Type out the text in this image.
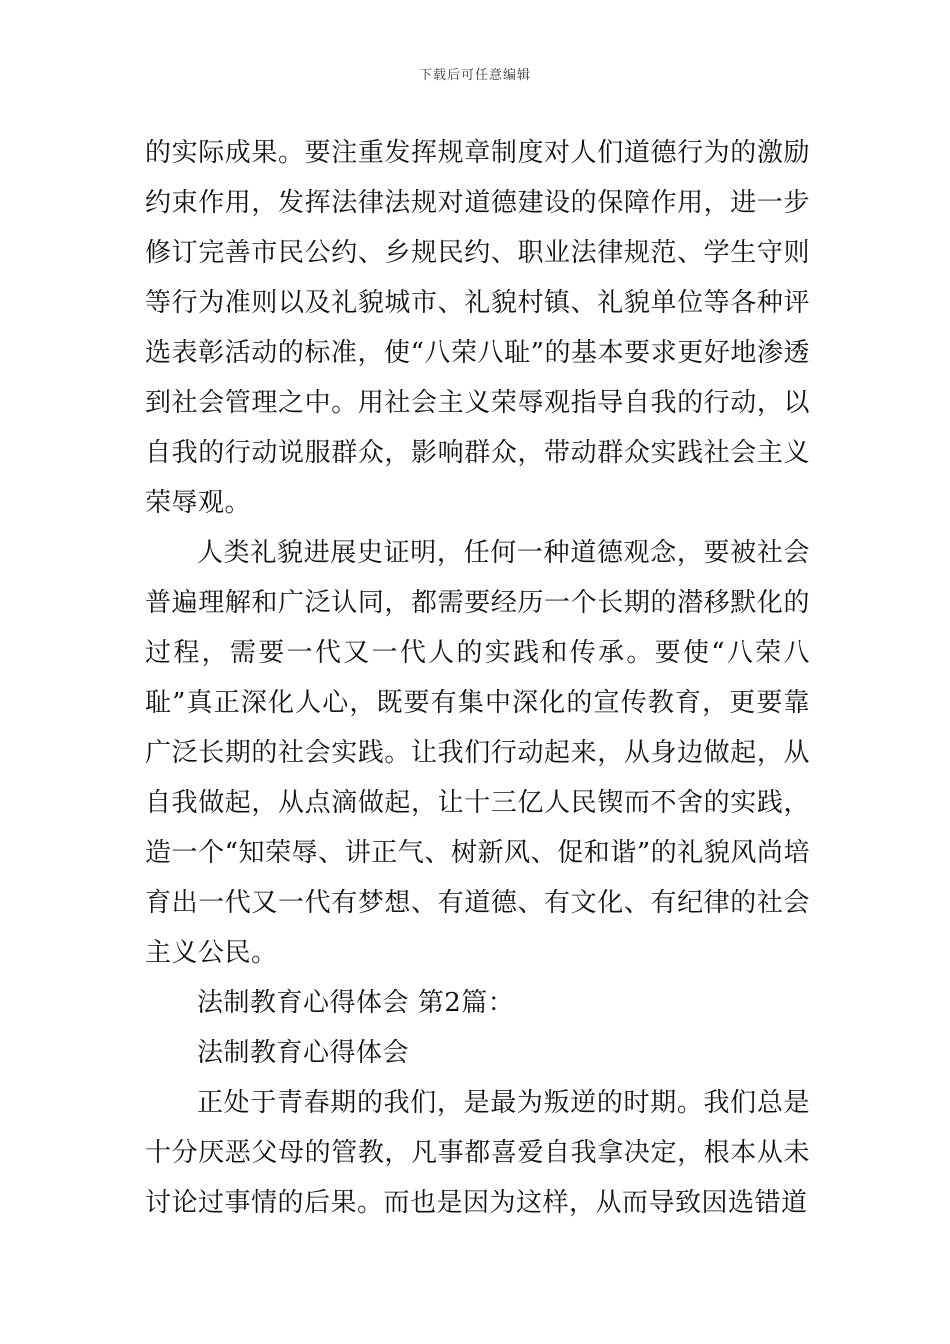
下载后可任意编辑

的实际成果。要注重发挥规章制度对人们道德行为的激励约束作用，发挥法律法规对道德建设的保障作用，进一步修订完善市民公约、乡规民约、职业法律规范、学生守则等行为准则以及礼貌城市、礼貌村镇、礼貌单位等各种评选表彰活动的标准，使“八荣八耻”的基本要求更好地渗透到社会管理之中。用社会主义荣辱观指导自我的行动，以自我的行动说服群众，影响群众，带动群众实践社会主义荣辱观。

人类礼貌进展史证明，任何一种道德观念，要被社会普遍理解和广泛认同，都需要经历一个长期的潜移默化的过程，需要一代又一代人的实践和传承。要使“八荣八耻”真正深化人心，既要有集中深化的宣传教育，更要靠广泛长期的社会实践。让我们行动起来，从身边做起，从自我做起，从点滴做起，让十三亿人民锲而不舍的实践，造一个“知荣辱、讲正气、树新风、促和谐”的礼貌风尚培育出一代又一代有梦想、有道德、有文化、有纪律的社会主义公民。

法制教育心得体会 第2篇：

法制教育心得体会

正处于青春期的我们，是最为叛逆的时期。我们总是十分厌恶父母的管教，凡事都喜爱自我拿决定，根本从未讨论过事情的后果。而也是因为这样，从而导致因选错道
